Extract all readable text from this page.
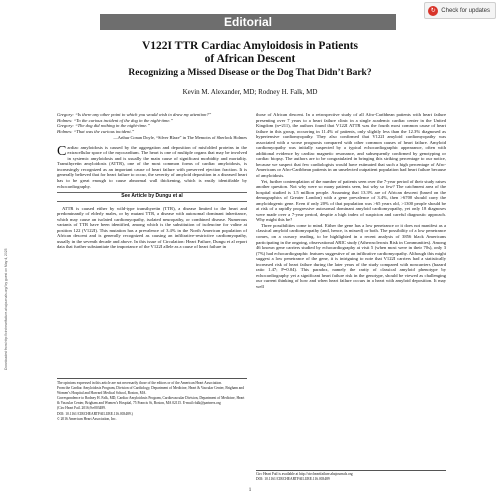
Editorial
↻ Check for updates
V122I TTR Cardiac Amyloidosis in Patients
of African Descent
Recognizing a Missed Disease or the Dog That Didn’t Bark?
Kevin M. Alexander, MD; Rodney H. Falk, MD
Downloaded from http://circheartfailure.ahajournals.org/ by guest on May 4, 2025
Gregory: “Is there any other point to which you would wish to draw my attention?”
Holmes: “To the curious incident of the dog in the night-time.”
Gregory: “The dog did nothing in the night-time.”
Holmes: “That was the curious incident.”
—Arthur Conan Doyle, “Silver Blaze” in The Memoirs of Sherlock Holmes

Cardiac amyloidosis is caused by the aggregation and deposition of misfolded proteins in the extracellular space of the myocardium. The heart is one of multiple organs that may be involved in systemic amyloidosis and is usually the main cause of significant morbidity and mortality. Transthyretin amyloidosis (ATTR), one of the most common forms of cardiac amyloidosis, is increasingly recognized as an important cause of heart failure with preserved ejection fraction. It is generally believed that for heart failure to occur, the severity of amyloid deposition in a diseased heart has to be great enough to cause abnormal wall thickening, which is easily identifiable by echocardiography.

See Article by Dungu et al

ATTR is caused either by wild-type transthyretin (TTR), a disease limited to the heart and predominantly of elderly males, or by mutant TTR, a disease with autosomal dominant inheritance, which may cause an isolated cardiomyopathy, isolated neuropathy, or combined disease. Numerous variants of TTR have been identified, among which is the substitution of isoleucine for valine at position 122 (V122I). This mutation has a prevalence of 3.4% in the North American population of African descent and is generally recognized as causing an infiltrative-restrictive cardiomyopathy, usually in the seventh decade and above. In this issue of Circulation: Heart Failure, Dungu et al report data that further substantiate the importance of the V122I allele as a cause of heart failure in

The opinions expressed in this article are not necessarily those of the editors or of the American Heart Association.
From the Cardiac Amyloidosis Program, Division of Cardiology, Department of Medicine, Heart & Vascular Center, Brigham and Women’s Hospital and Harvard Medical School, Boston, MA.
Correspondence to Rodney H. Falk, MD, Cardiac Amyloidosis Program, Cardiovascular Division, Department of Medicine, Heart & Vascular Center, Brigham and Women’s Hospital, 75 Francis St, Boston, MA 02115. E-mail rfalk@partners.org
(Circ Heart Fail. 2016;9:e003489.
DOI: 10.1161/CIRCHEARTFAILURE.116.003489.)
© 2016 American Heart Association, Inc.

those of African descent. In a retrospective study of all Afro-Caribbean patients with heart failure presenting over 7 years to a heart failure clinic in a single academic cardiac center in the United Kingdom (n=211), the authors found that V122I ATTR was the fourth most common cause of heart failure in this group, occurring in 11.4% of patients, only slightly less than the 12.3% diagnosed as hypertensive cardiomyopathy. They also confirmed that V122I amyloid cardiomyopathy was associated with a worse prognosis compared with other common causes of heart failure. Amyloid cardiomyopathy was initially suspected by a typical echocardiographic appearance, often with additional evidence by cardiac magnetic resonance, and subsequently confirmed by genotyping or cardiac biopsy. The authors are to be congratulated in bringing this striking percentage to our notice, because we suspect that few cardiologists would have estimated that such a high percentage of Afro-Americans or Afro-Caribbean patients in an unselected outpatient population had heart failure because of amyloidosis.

Yet, further contemplation of the number of patients seen over the 7-year period of their study raises another question. Not why were so many patients seen, but why so few? The catchment area of the hospital studied is 1.5 million people. Assuming that 13.3% are of African descent (based on the demographics of Greater London) with a gene prevalence of 3.4%, then >6700 should carry the amyloidogenic gene. Even if only 20% of that population was >65 years old, >1300 people should be at risk of a rapidly progressive autosomal dominant amyloid cardiomyopathy, yet only 18 diagnoses were made over a 7-year period, despite a high index of suspicion and careful diagnostic approach. Why might this be?

Three possibilities come to mind. Either the gene has a low penetrance or it does not manifest as a classical amyloid cardiomyopathy (and, hence, is missed) or both. The possibility of a low penetrance comes, on a cursory reading, to be highlighted in a recent analysis of 3856 black Americans participating in the ongoing, observational ARIC study (Atherosclerosis Risk in Communities). Among 46 known gene carriers studied by echocardiography at visit 5 (when most were in their 70s), only 3 (7%) had echocardiographic features suggestive of an infiltrative cardiomyopathy. Although this might suggest a low penetrance of the gene, it is intriguing to note that V122I carriers had a statistically increased risk of heart failure during the later years of the study compared with noncarriers (hazard ratio 1.47; P=0.04). This paradox, namely the rarity of classical amyloid phenotype by echocardiography yet a significant heart failure risk in the genotype, should be viewed as challenging our current thinking of how and when heart failure occurs in a heart with amyloid deposition. It may well

Circ Heart Fail is available at http://circheartfailure.ahajournals.org
DOI: 10.1161/CIRCHEARTFAILURE.116.003489
1
